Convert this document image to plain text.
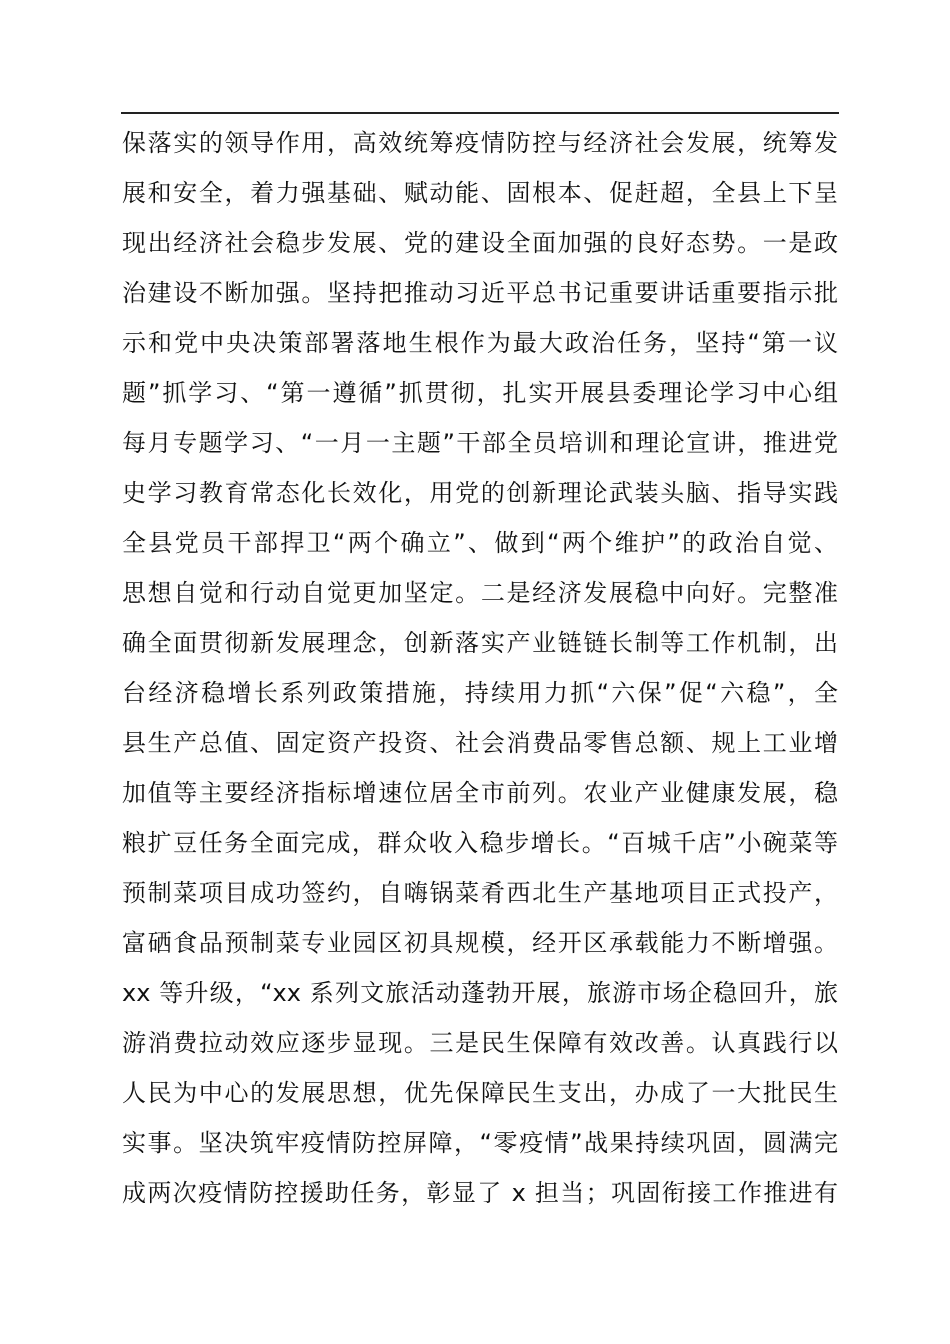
保落实的领导作用，高效统筹疫情防控与经济社会发展，统筹发
展和安全，着力强基础、赋动能、固根本、促赶超，全县上下呈
现出经济社会稳步发展、党的建设全面加强的良好态势。一是政
治建设不断加强。坚持把推动习近平总书记重要讲话重要指示批
示和党中央决策部署落地生根作为最大政治任务，坚持“第一议
题”抓学习、“第一遵循”抓贯彻，扎实开展县委理论学习中心组
每月专题学习、“一月一主题”干部全员培训和理论宣讲，推进党
史学习教育常态化长效化，用党的创新理论武装头脑、指导实践
全县党员干部捍卫“两个确立”、做到“两个维护”的政治自觉、
思想自觉和行动自觉更加坚定。二是经济发展稳中向好。完整准
确全面贯彻新发展理念，创新落实产业链链长制等工作机制，出
台经济稳增长系列政策措施，持续用力抓“六保”促“六稳”，全
县生产总值、固定资产投资、社会消费品零售总额、规上工业增
加值等主要经济指标增速位居全市前列。农业产业健康发展，稳
粮扩豆任务全面完成，群众收入稳步增长。“百城千店”小碗菜等
预制菜项目成功签约，自嗨锅菜肴西北生产基地项目正式投产，
富硒食品预制菜专业园区初具规模，经开区承载能力不断增强。
xx 等升级，“xx 系列文旅活动蓬勃开展，旅游市场企稳回升，旅
游消费拉动效应逐步显现。三是民生保障有效改善。认真践行以
人民为中心的发展思想，优先保障民生支出，办成了一大批民生
实事。坚决筑牢疫情防控屏障，“零疫情”战果持续巩固，圆满完
成两次疫情防控援助任务，彰显了 x 担当；巩固衔接工作推进有
